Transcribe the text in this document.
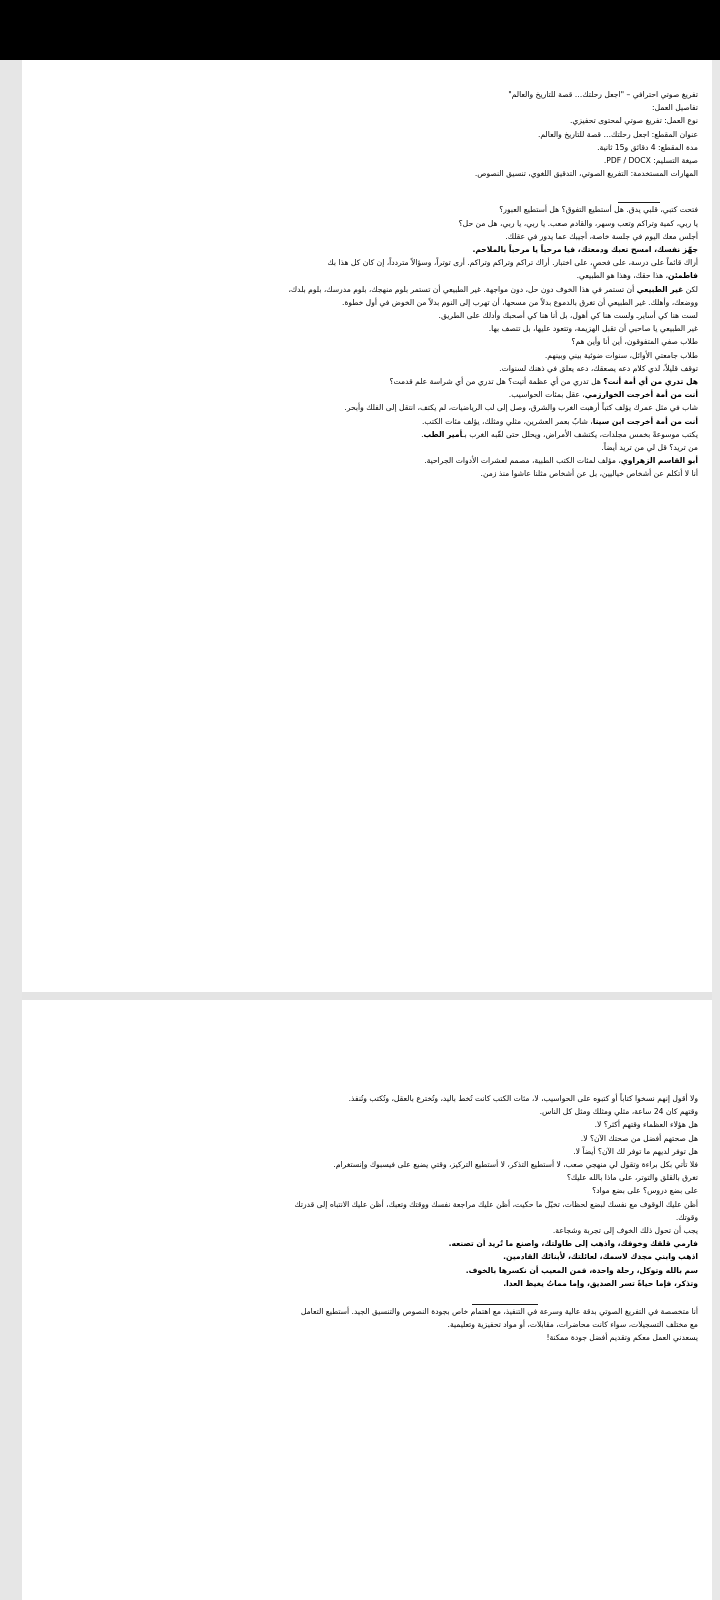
تفريغ صوتي احترافي – "اجعل رحلتك… قصة للتاريخ والعالم"

تفاصيل العمل:

نوع العمل: تفريغ صوتي لمحتوى تحفيزي.

عنوان المقطع: اجعل رحلتك… قصة للتاريخ والعالم.

مدة المقطع: 4 دقائق و15 ثانية.

صيغة التسليم: PDF / DOCX.

المهارات المستخدمة: التفريغ الصوتي، التدقيق اللغوي، تنسيق النصوص.

فتحت كتبي، قلبي يدق. هل أستطيع التفوق؟ هل أستطيع العبور؟

يا ربي، كمية وتراكم وتعب وسهر، والقادم صعب. يا ربي، يا ربي، هل من حل؟

أجلس معك اليوم في جلسة خاصة، أجيبك عما يدور في عقلك.

جهّز نفسك، امسح تعبك ودمعتك، فيا مرحباً يا مرحباً بالملاحم.

أراك قائماً على درسة، على فحصٍ، على اختبار. أراك تراكم وتراكم وتراكم. أرى توتراً، وسؤالاً متردداً، إن كان كل هذا بك

فاطمئن، هذا حقك، وهذا هو الطبيعي.

لكن غير الطبيعي أن تستمر في هذا الخوف دون حل، دون مواجهة. غير الطبيعي أن تستمر بلوم منهجك، بلوم مدرسك، بلوم بلدك،

ووضعك، وأهلك. غير الطبيعي أن تغرق بالدموع بدلاً من مسحها، أن تهرب إلى النوم بدلاً من الخوض في أول خطوة.

لست هنا كي أسايرـ ولست هنا كي أهول، بل أنا هنا كي أصحبك وأدلك على الطريق.

غير الطبيعي يا صاحبي أن تقبل الهزيمة، وتتعود عليها، بل تتصف بها.

طلاب صفي المتفوقون، أين أنا وأين هم؟

طلاب جامعتي الأوائل، سنوات ضوئية بيني وبينهم.

توقف قليلاً، لدي كلام دعه يصعقك، دعه يعلق في ذهنك لسنوات.

هل تدري من أي أمة أنت؟ هل تدري من أي عظمة أتيت؟ هل تدري من أي شراسة علم قدمت؟

أنت من أمة أخرجت الخوارزمي، عقل بمئات الحواسيب.

شاب في مثل عمرك يؤلف كتباً أرهبت الغرب والشرق، وصل إلى لب الرياضيات، لم يكتف، انتقل إلى الفلك وأبحر.

أنت من أمة أخرجت ابن سينا، شابٌ بعمر العشرين، مثلي ومثلك، يؤلف مئات الكتب.

يكتب موسوعةً بخمس مجلدات، يكتشف الأمراض، ويحلل حتى لقّبه الغرب بـأمير الطب.

من تريد؟ قل لي من تريد أيضاً.

أبو القاسم الزهراوي، مؤلف لمئات الكتب الطبية، مصمم لعشرات الأدوات الجراحية.

أنا لا أتكلم عن أشخاص خياليين، بل عن أشخاص مثلنا عاشوا منذ زمن.

ولا أقول إنهم نسخوا كتاباً أو كتبوه على الحواسيب، لا، مئات الكتب كانت تُخط باليد، وتُخترع بالعقل، وتُكتب وتُنفذ.

وقتهم كان 24 ساعة، مثلي ومثلك ومثل كل الناس.

هل هؤلاء العظماء وقتهم أكثر؟ لا.

هل صحتهم أفضل من صحتك الآن؟ لا.

هل توفر لديهم ما توفر لك الآن؟ أيضاً لا.

فلا تأتي بكل براءة وتقول لي منهجي صعب، لا أستطيع التذكر، لا أستطيع التركيز، وقتي يضيع على فيسبوك وإنستغرام.

تغرق بالقلق والتوتر، على ماذا بالله عليك؟

على بضع دروس؟ على بضع مواد؟

أظن عليك الوقوف مع نفسك لبضع لحظات، تخيّل ما حكيت، أظن عليك مراجعة نفسك ووقتك وتعبك، أظن عليك الانتباه إلى قدرتك

وقوتك.

يجب أن تحول ذلك الخوف إلى تجربة وشجاعة.

فارمي قلقك وخوفك، واذهب إلى طاولتك، واصنع ما تُريد أن تصنعه.

اذهب وابني مجدك لاسمك، لعائلتك، لأبنائك القادمين.

سم بالله وتوكل، رحلة واحدة، فمن المعيب أن نكسرها بالخوف.

وتذكر، فإما حياةً تسر الصديق، وإما مماتُ يغيظ العدا.

أنا متخصصة في التفريغ الصوتي بدقة عالية وسرعة في التنفيذ، مع اهتمام خاص بجودة النصوص والتنسيق الجيد. أستطيع التعامل

مع مختلف التسجيلات، سواء كانت محاضرات، مقابلات، أو مواد تحفيزية وتعليمية.

يسعدني العمل معكم وتقديم أفضل جودة ممكنة!
